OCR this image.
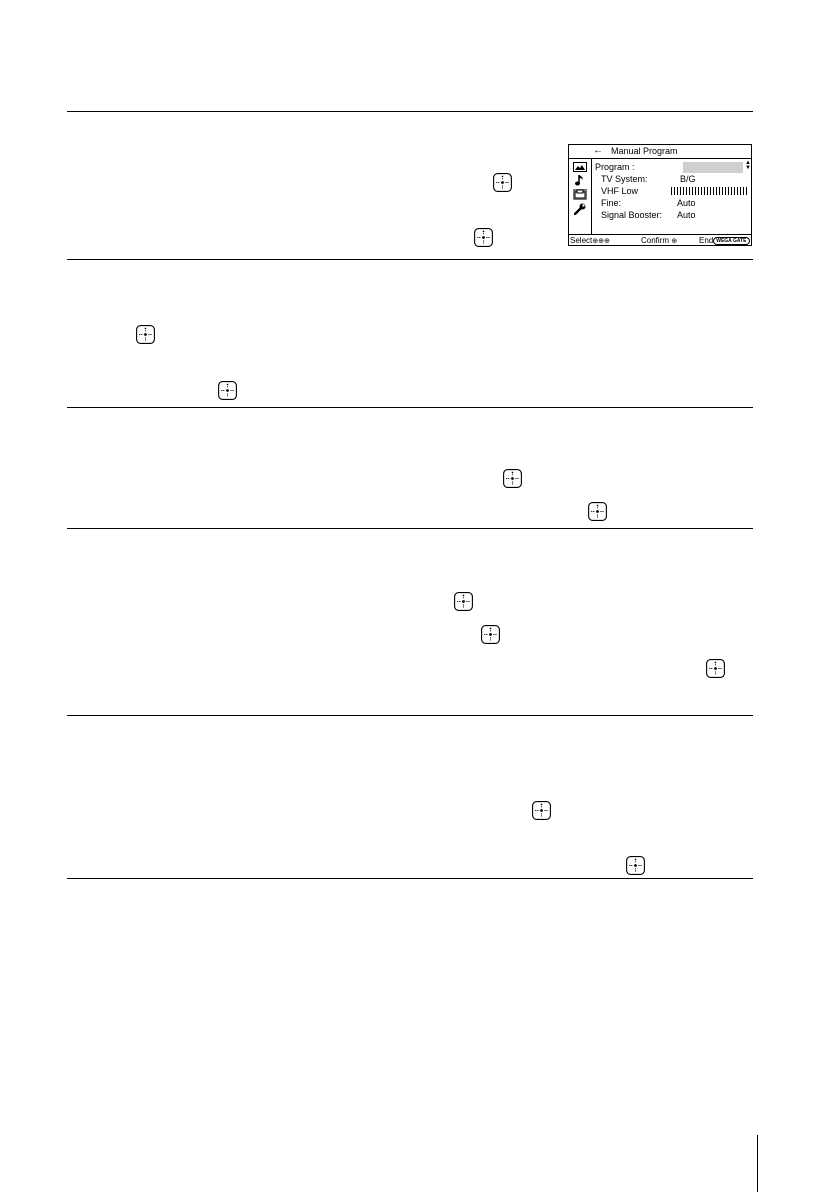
← Manual Program
Program :	▲
▼
TV System:	B/G
VHF Low
Fine:	Auto
Signal Booster: Auto
Select⊕⊕⊕	Confirm ⊕	End WEGA GATE
